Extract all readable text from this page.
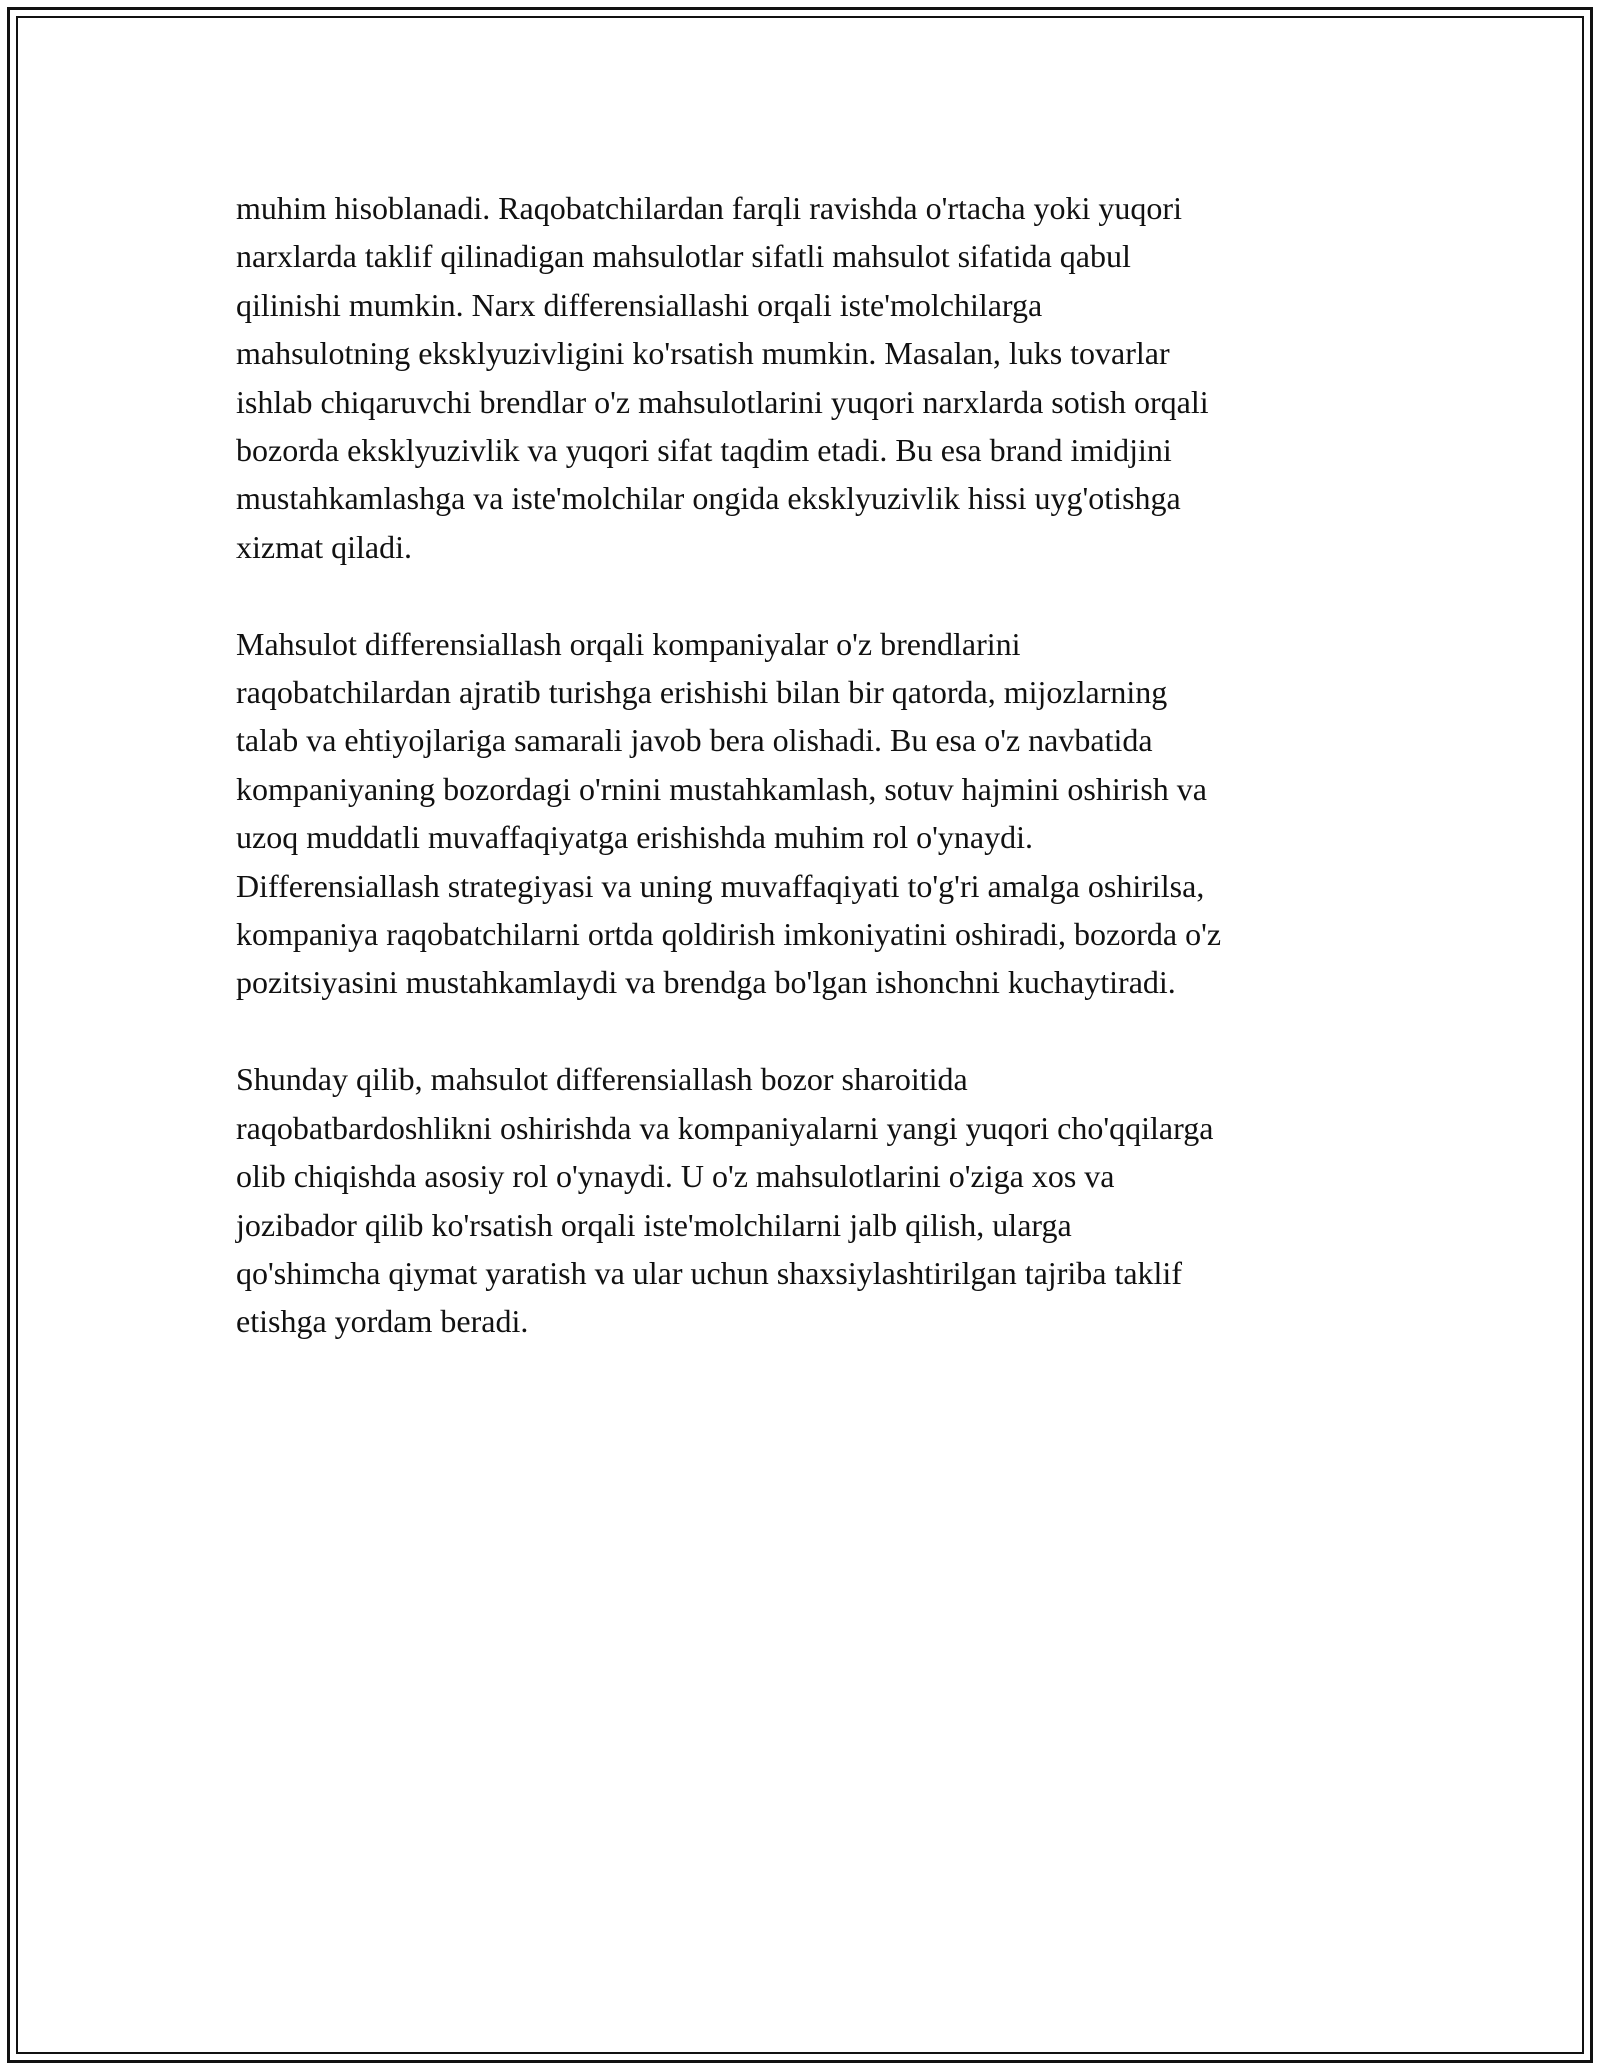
muhim hisoblanadi. Raqobatchilardan farqli ravishda o'rtacha yoki yuqori
narxlarda taklif qilinadigan mahsulotlar sifatli mahsulot sifatida qabul
qilinishi mumkin. Narx differensiallashi orqali iste'molchilarga
mahsulotning eksklyuzivligini ko'rsatish mumkin. Masalan, luks tovarlar
ishlab chiqaruvchi brendlar o'z mahsulotlarini yuqori narxlarda sotish orqali
bozorda eksklyuzivlik va yuqori sifat taqdim etadi. Bu esa brand imidjini
mustahkamlashga va iste'molchilar ongida eksklyuzivlik hissi uyg'otishga
xizmat qiladi.

Mahsulot differensiallash orqali kompaniyalar o'z brendlarini
raqobatchilardan ajratib turishga erishishi bilan bir qatorda, mijozlarning
talab va ehtiyojlariga samarali javob bera olishadi. Bu esa o'z navbatida
kompaniyaning bozordagi o'rnini mustahkamlash, sotuv hajmini oshirish va
uzoq muddatli muvaffaqiyatga erishishda muhim rol o'ynaydi.
Differensiallash strategiyasi va uning muvaffaqiyati to'g'ri amalga oshirilsa,
kompaniya raqobatchilarni ortda qoldirish imkoniyatini oshiradi, bozorda o'z
pozitsiyasini mustahkamlaydi va brendga bo'lgan ishonchni kuchaytiradi.

Shunday qilib, mahsulot differensiallash bozor sharoitida
raqobatbardoshlikni oshirishda va kompaniyalarni yangi yuqori cho'qqilarga
olib chiqishda asosiy rol o'ynaydi. U o'z mahsulotlarini o'ziga xos va
jozibador qilib ko'rsatish orqali iste'molchilarni jalb qilish, ularga
qo'shimcha qiymat yaratish va ular uchun shaxsiylashtirilgan tajriba taklif
etishga yordam beradi.
